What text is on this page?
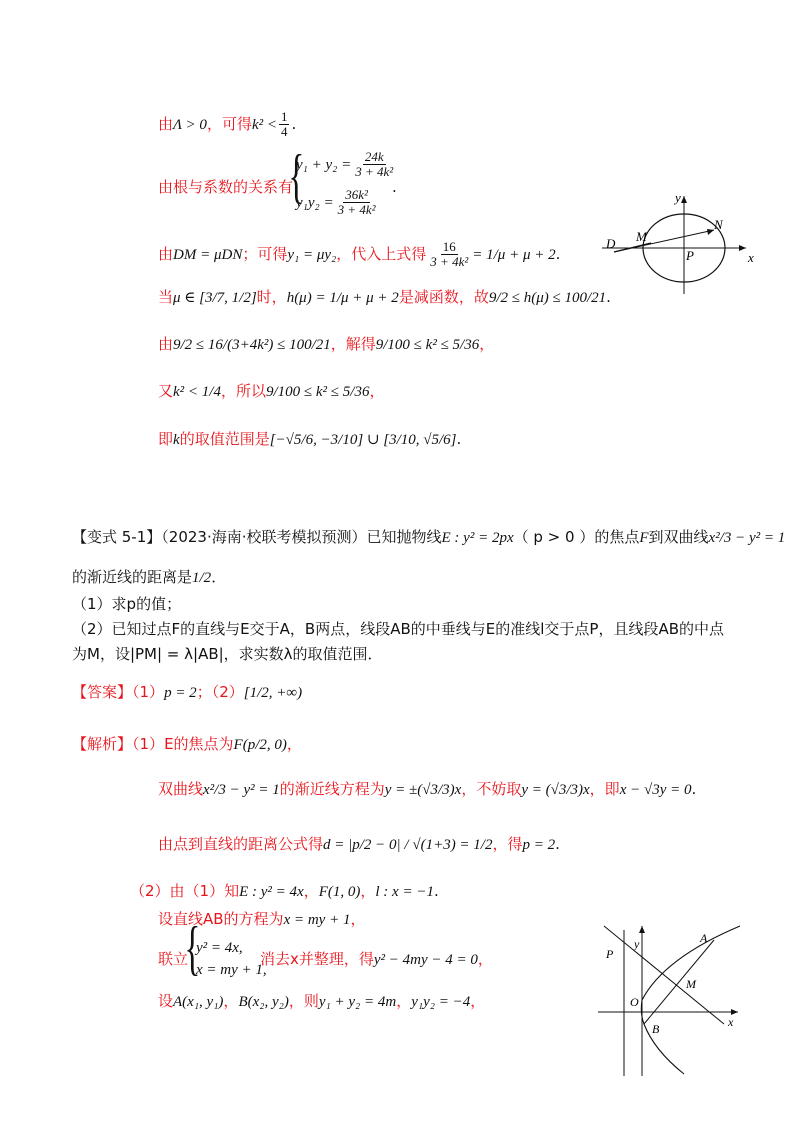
由Λ > 0，可得$k^2 < \frac{1}{4}$ .
由根与系数的关系有
{
$y_1 + y_2 = \frac{24k}{\text{3 + 4k²}}$
$y_1y_2 = \frac{\text{36k²}}{\text{3 + 4k²}}$
.
由DM = μDN；可得y₁ = μy₂，代入上式得 $\frac{16}{\text{3 + 4k²}} = 1/\mu + \mu + 2$.
当μ ∈ [3/7, 1/2]时，h(μ) = 1/μ + μ + 2是减函数，故9/2 ≤ h(μ) ≤ 100/21.
由9/2 ≤ 16/(3+4k²) ≤ 100/21，解得9/100 ≤ k² ≤ 5/36，
又k² < 1/4，所以9/100 ≤ k² ≤ 5/36，
即k的取值范围是[−√5/6, −3/10] ∪ [3/10, √5/6].
x
y
D M
N
P
【变式 5-1】（2023·海南·校联考模拟预测）已知抛物线E : y² = 2px（ p > 0 ）的焦点F到双曲线x²/3 − y² = 1
的渐近线的距离是1/2．
（1）求p的值；
（2）已知过点F的直线与E交于A，B两点，线段AB的中垂线与E的准线l交于点P，且线段AB的中点
为M，设|PM| = λ|AB|，求实数λ的取值范围．
【答案】（1）p = 2；（2）[1/2, +∞)
【解析】（1）E的焦点为F(p/2, 0)，
双曲线x²/3 − y² = 1的渐近线方程为y = ±(√3/3)x，不妨取y = (√3/3)x，即x − √3y = 0.
由点到直线的距离公式得d = |p/2 − 0| / √(1+3) = 1/2，得p = 2.
（2）由（1）知E : y² = 4x，F(1, 0)，l : x = −1.
设直线AB的方程为x = my + 1，
联立
{
y² = 4x,
x = my + 1,
消去x并整理，得y² − 4my − 4 = 0，
设A(x₁, y₁)，B(x₂, y₂)，则y₁ + y₂ = 4m，y₁y₂ = −4，
A
P
M
O
B	x
y
